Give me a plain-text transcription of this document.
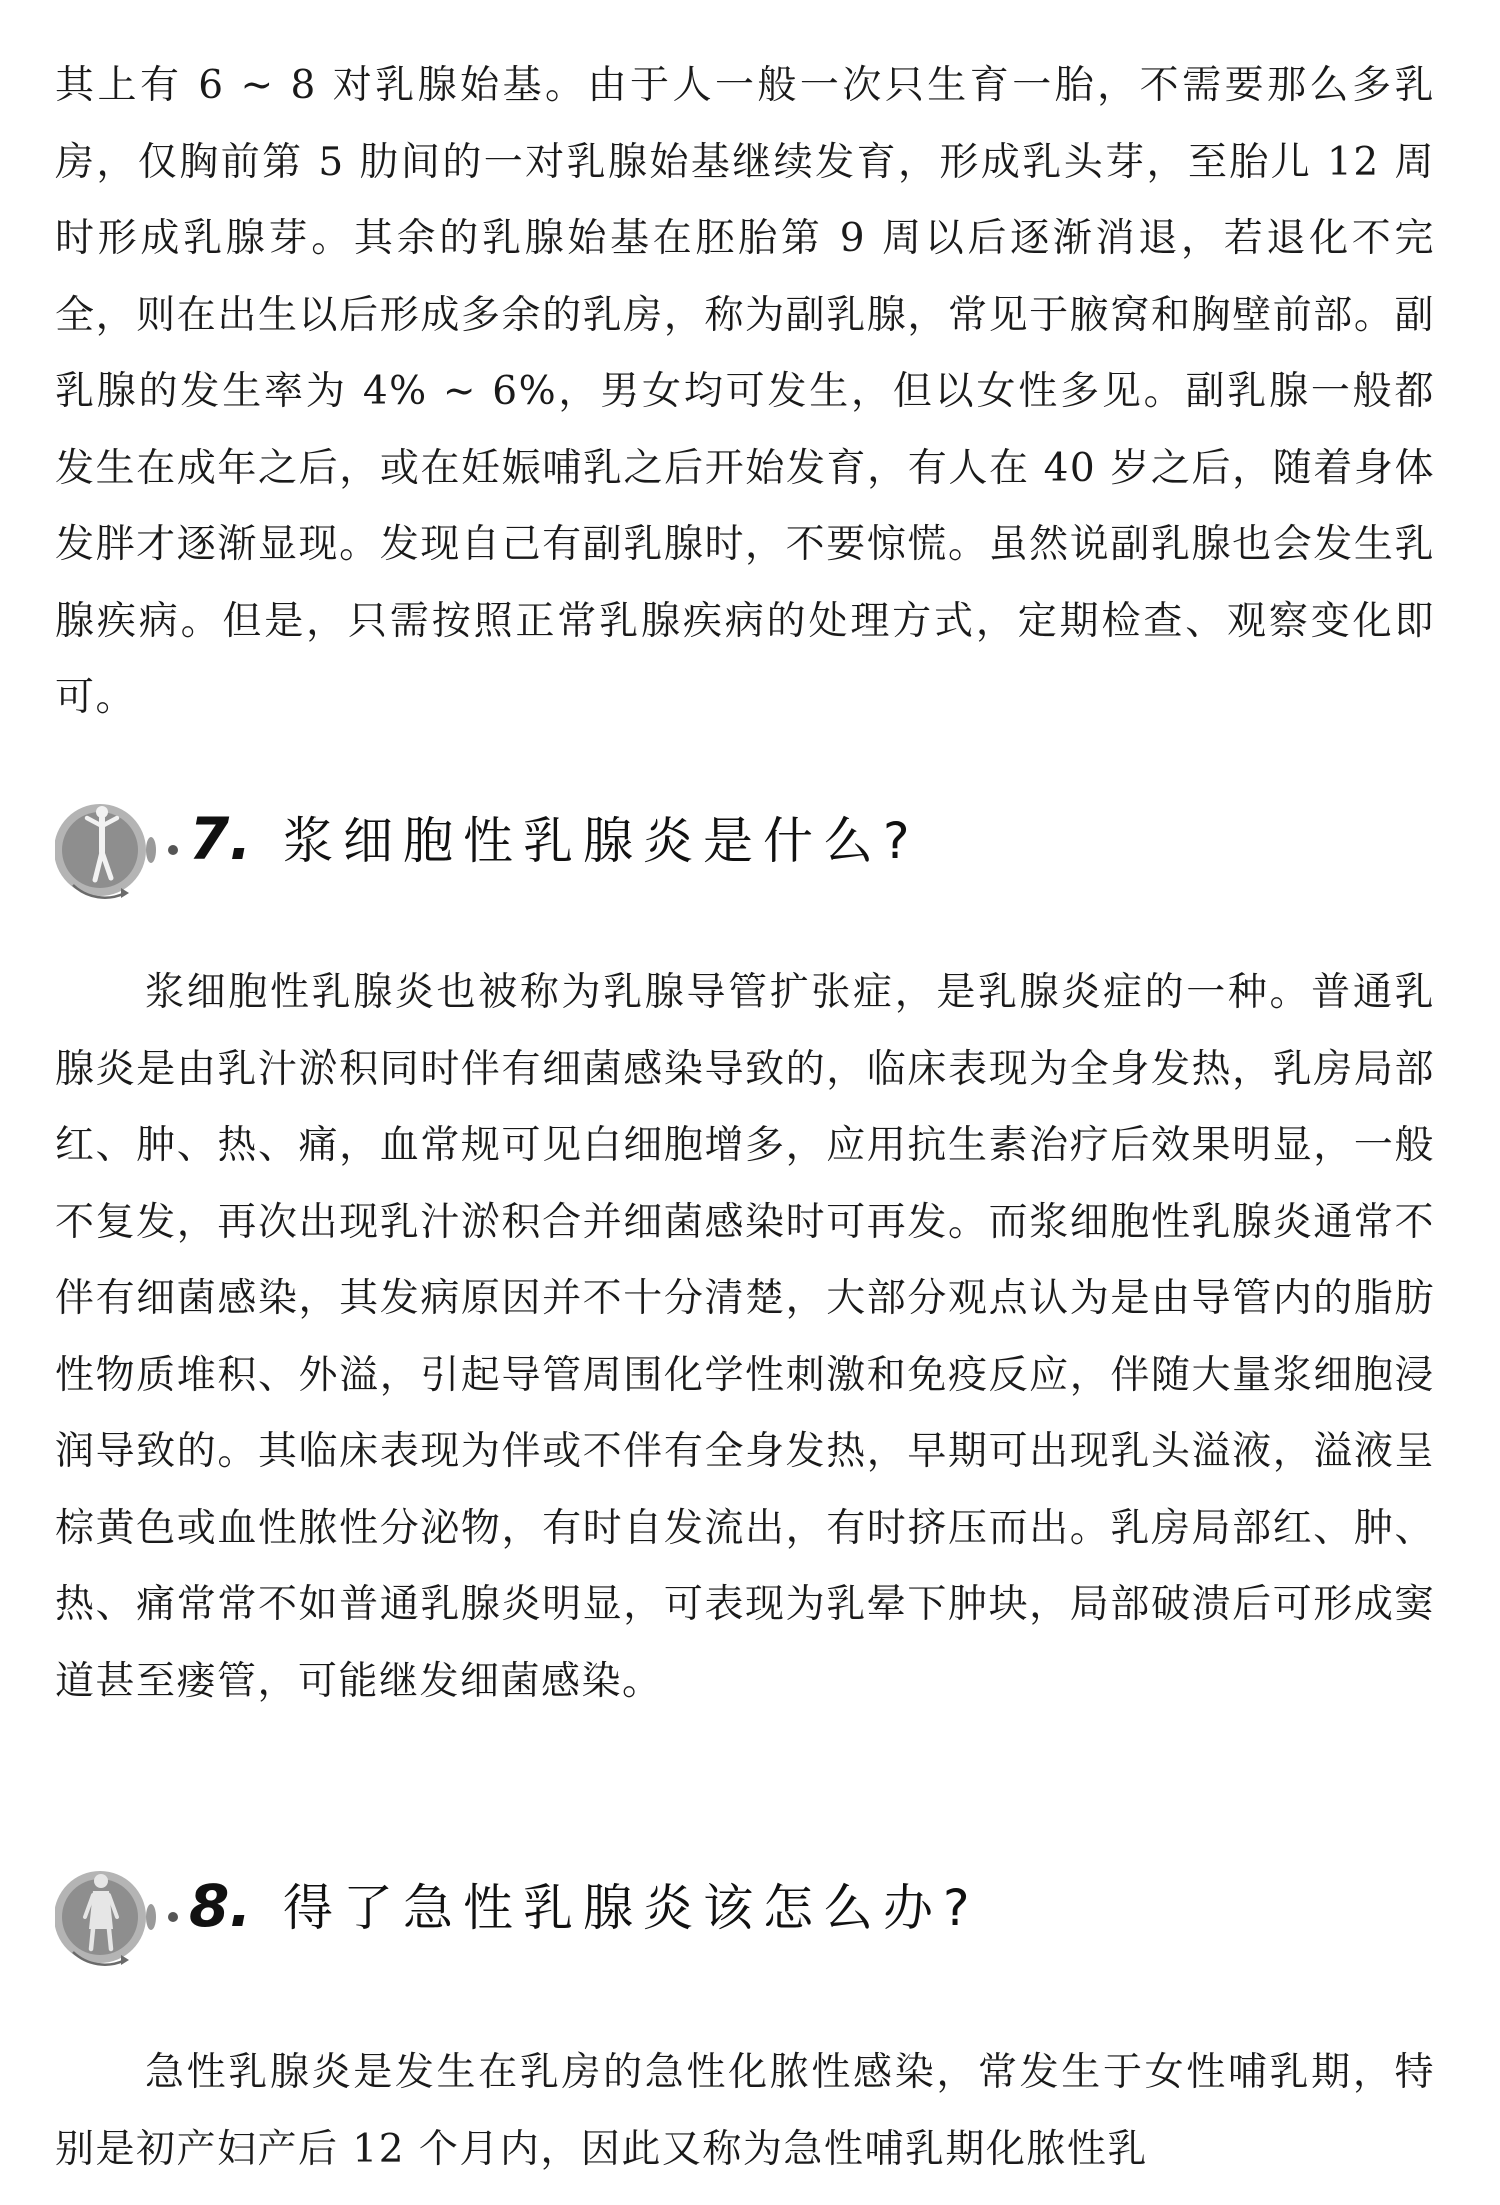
其上有 6 ~ 8 对乳腺始基。由于人一般一次只生育一胎，不需要那么多乳房，仅胸前第 5 肋间的一对乳腺始基继续发育，形成乳头芽，至胎儿 12 周时形成乳腺芽。其余的乳腺始基在胚胎第 9 周以后逐渐消退，若退化不完全，则在出生以后形成多余的乳房，称为副乳腺，常见于腋窝和胸壁前部。副乳腺的发生率为 4% ~ 6%，男女均可发生，但以女性多见。副乳腺一般都发生在成年之后，或在妊娠哺乳之后开始发育，有人在 40 岁之后，随着身体发胖才逐渐显现。发现自己有副乳腺时，不要惊慌。虽然说副乳腺也会发生乳腺疾病。但是，只需按照正常乳腺疾病的处理方式，定期检查、观察变化即可。

7. 浆细胞性乳腺炎是什么?

浆细胞性乳腺炎也被称为乳腺导管扩张症，是乳腺炎症的一种。普通乳腺炎是由乳汁淤积同时伴有细菌感染导致的，临床表现为全身发热，乳房局部红、肿、热、痛，血常规可见白细胞增多，应用抗生素治疗后效果明显，一般不复发，再次出现乳汁淤积合并细菌感染时可再发。而浆细胞性乳腺炎通常不伴有细菌感染，其发病原因并不十分清楚，大部分观点认为是由导管内的脂肪性物质堆积、外溢，引起导管周围化学性刺激和免疫反应，伴随大量浆细胞浸润导致的。其临床表现为伴或不伴有全身发热，早期可出现乳头溢液，溢液呈棕黄色或血性脓性分泌物，有时自发流出，有时挤压而出。乳房局部红、肿、热、痛常常不如普通乳腺炎明显，可表现为乳晕下肿块，局部破溃后可形成窦道甚至瘘管，可能继发细菌感染。

8. 得了急性乳腺炎该怎么办?

急性乳腺炎是发生在乳房的急性化脓性感染，常发生于女性哺乳期，特别是初产妇产后 12 个月内，因此又称为急性哺乳期化脓性乳
